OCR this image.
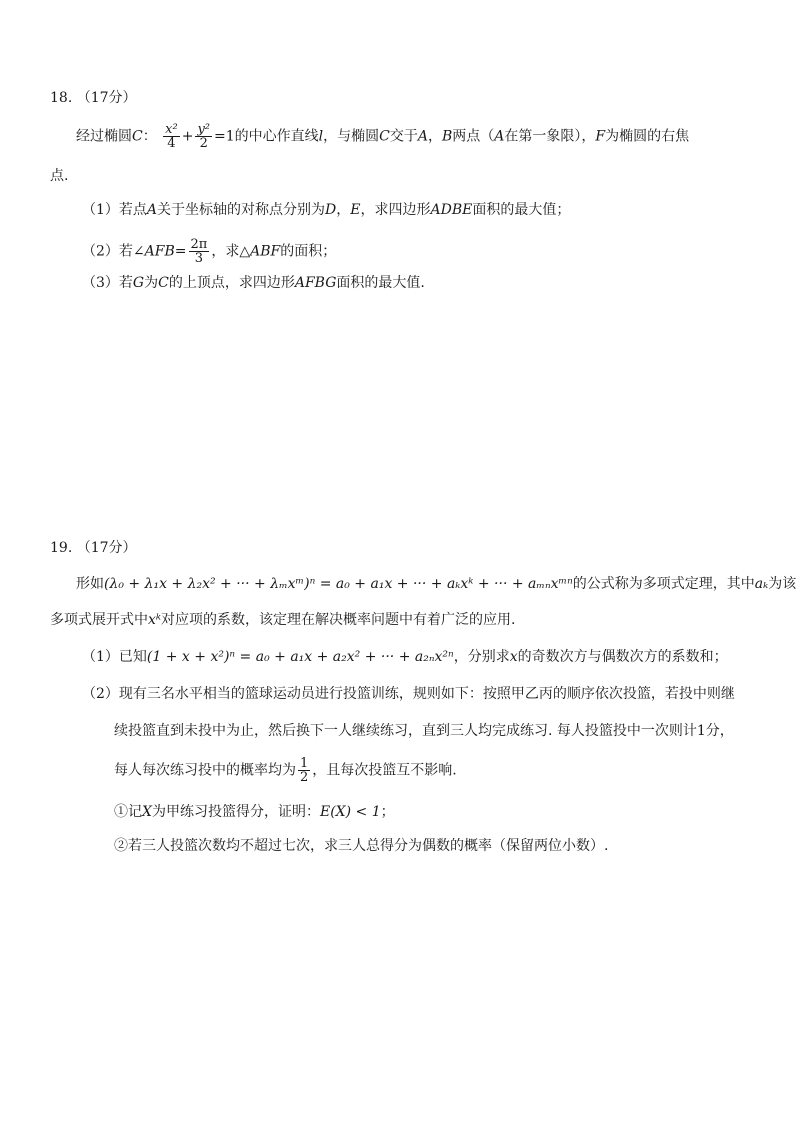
18. （17分）
经过椭圆C： $\frac{\text{x²}}{4} + \frac{\text{y²}}{2} =1$的中心作直线l，与椭圆C交于A，B两点（A在第一象限），F为椭圆的右焦
点.
（1）若点A关于坐标轴的对称点分别为D，E，求四边形ADBE面积的最大值；
（2）若∠AFB= $\frac{2\pi}{3}$ ，求△ABF的面积；
（3）若G为C的上顶点，求四边形AFBG面积的最大值.
19. （17分）
形如(λ₀ + λ₁x + λ₂x² + ··· + λₘxᵐ)ⁿ = a₀ + a₁x + ··· + aₖxᵏ + ··· + aₘₙxᵐⁿ的公式称为多项式定理，其中aₖ为该
多项式展开式中xᵏ对应项的系数，该定理在解决概率问题中有着广泛的应用.
（1）已知(1 + x + x²)ⁿ = a₀ + a₁x + a₂x² + ··· + a₂ₙx²ⁿ，分别求x的奇数次方与偶数次方的系数和；
（2）现有三名水平相当的篮球运动员进行投篮训练，规则如下：按照甲乙丙的顺序依次投篮，若投中则继
续投篮直到未投中为止，然后换下一人继续练习，直到三人均完成练习. 每人投篮投中一次则计1分，
每人每次练习投中的概率均为 $\frac{1}{2}$ ，且每次投篮互不影响.
①记X为甲练习投篮得分，证明：E(X) < 1；
②若三人投篮次数均不超过七次，求三人总得分为偶数的概率（保留两位小数）.
